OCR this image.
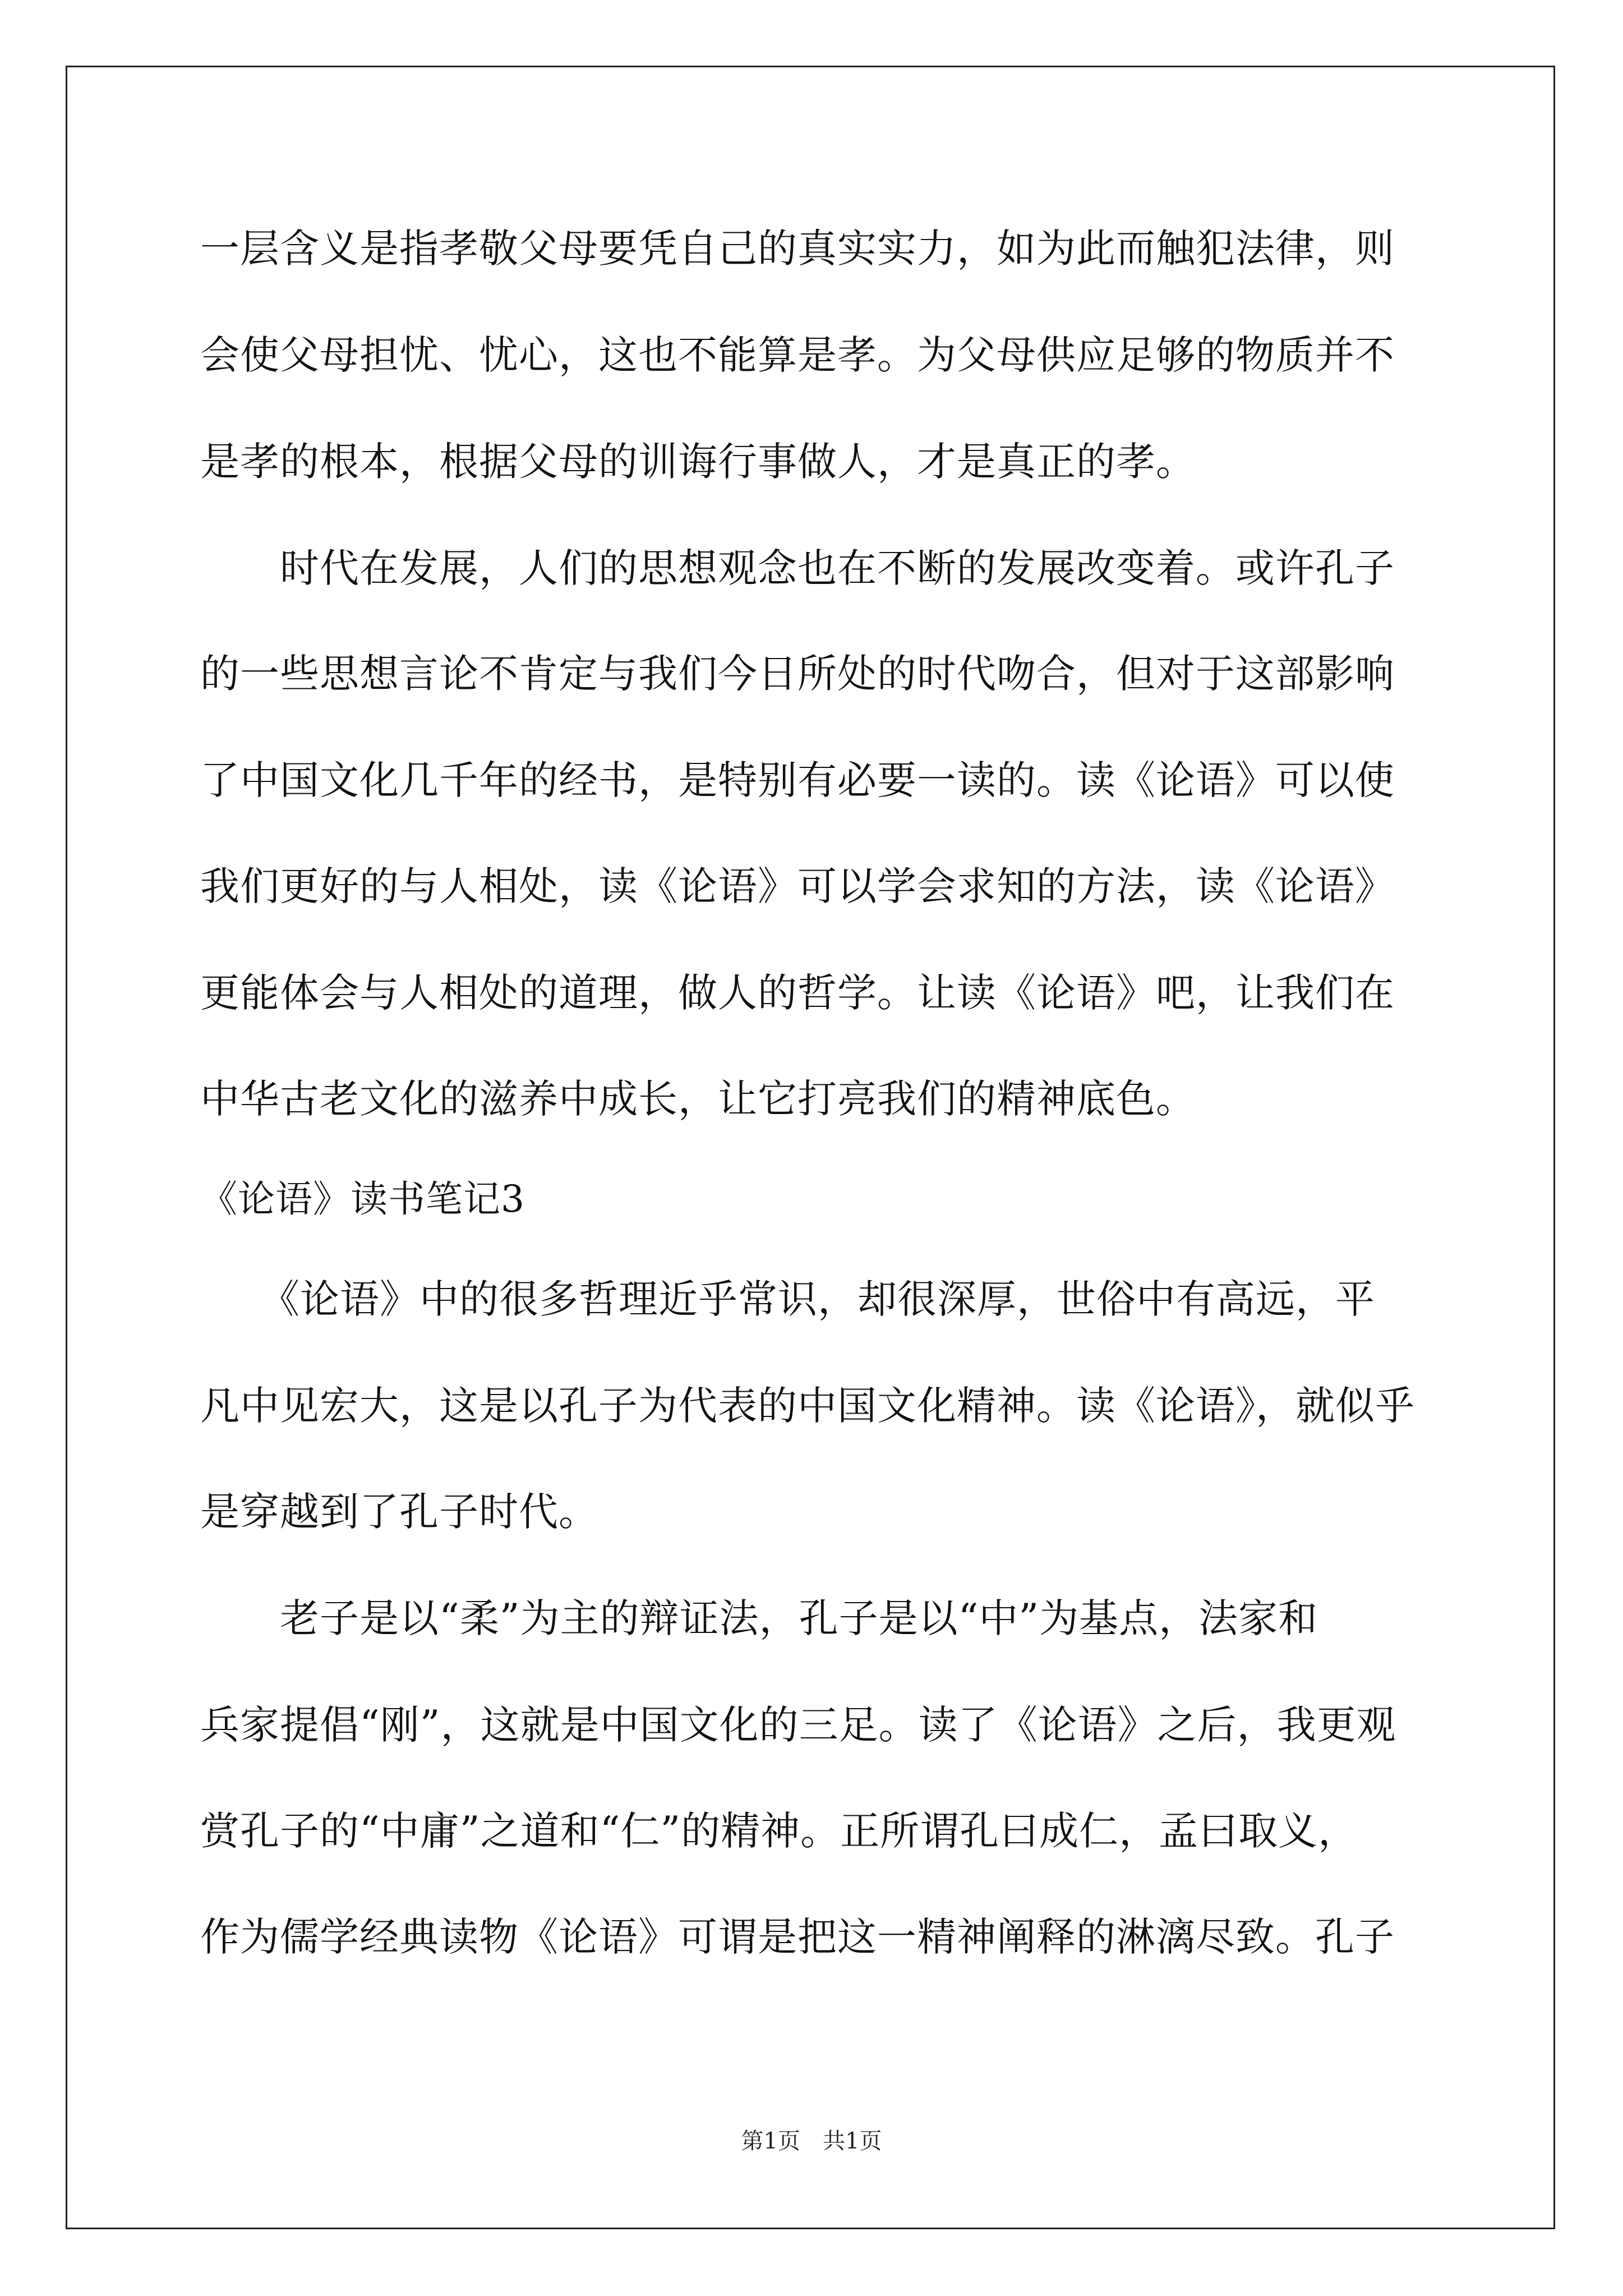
一层含义是指孝敬父母要凭自己的真实实力，如为此而触犯法律，则
会使父母担忧、忧心，这也不能算是孝。为父母供应足够的物质并不
是孝的根本，根据父母的训诲行事做人，才是真正的孝。
　　时代在发展，人们的思想观念也在不断的发展改变着。或许孔子
的一些思想言论不肯定与我们今日所处的时代吻合，但对于这部影响
了中国文化几千年的经书，是特别有必要一读的。读《论语》可以使
我们更好的与人相处，读《论语》可以学会求知的方法，读《论语》
更能体会与人相处的道理，做人的哲学。让读《论语》吧，让我们在
中华古老文化的滋养中成长，让它打亮我们的精神底色。
《论语》读书笔记3
　　《论语》中的很多哲理近乎常识，却很深厚，世俗中有高远，平
凡中见宏大，这是以孔子为代表的中国文化精神。读《论语》，就似乎
是穿越到了孔子时代。
　　老子是以“柔”为主的辩证法，孔子是以“中”为基点，法家和
兵家提倡“刚”，这就是中国文化的三足。读了《论语》之后，我更观
赏孔子的“中庸”之道和“仁”的精神。正所谓孔曰成仁，孟曰取义，
作为儒学经典读物《论语》可谓是把这一精神阐释的淋漓尽致。孔子
第1页　共1页
